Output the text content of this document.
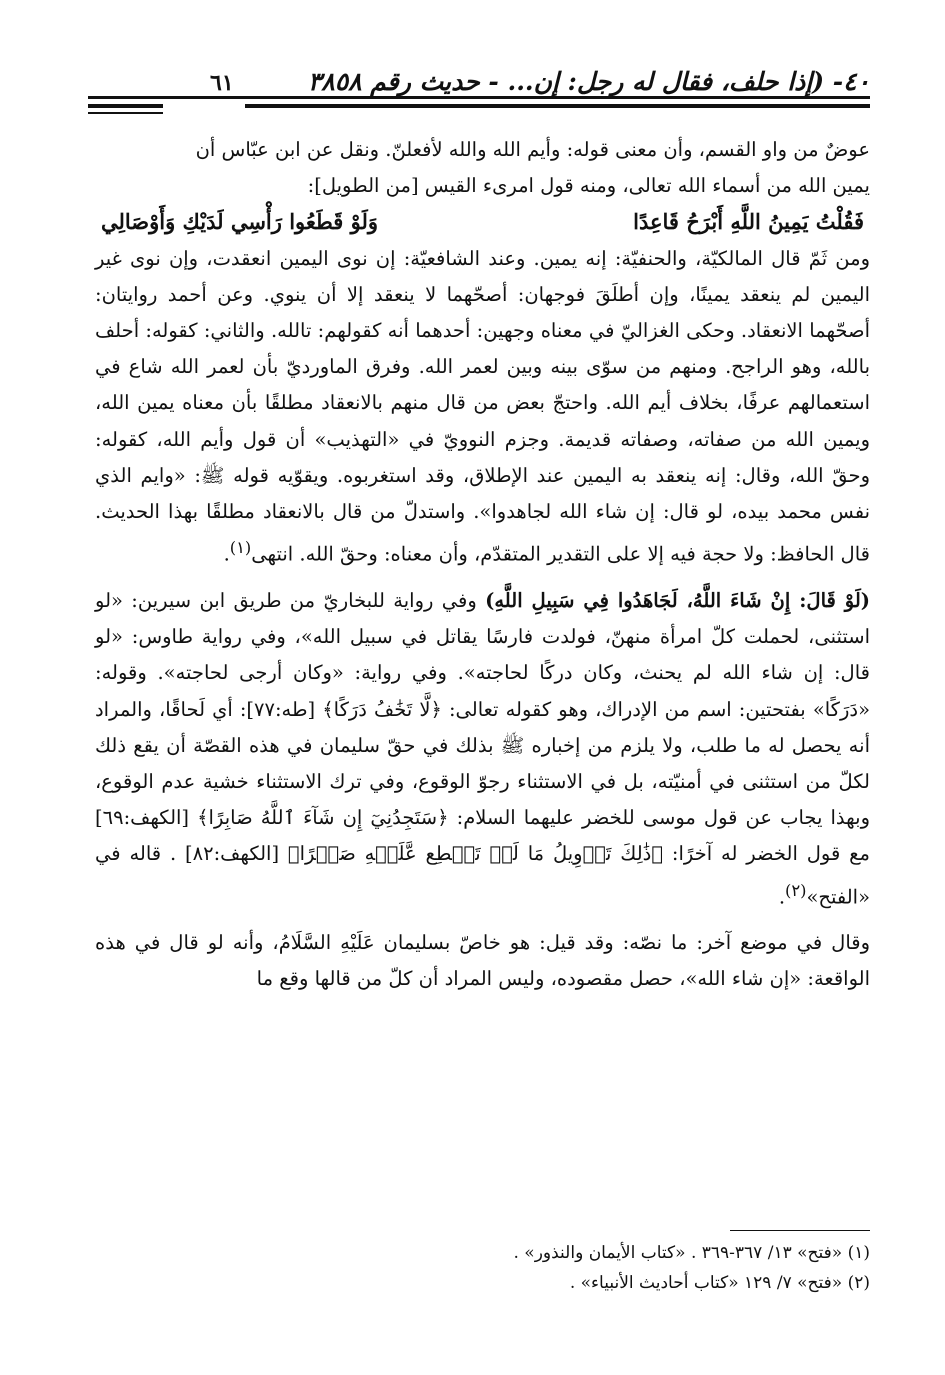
٤٠- (إذا حلف، فقال له رجل: إن... - حديث رقم ٣٨٥٨
٦١

عوضٌ من واو القسم، وأن معنى قوله: وأيم الله والله لأفعلنّ. ونقل عن ابن عبّاس أن

يمين الله من أسماء الله تعالى، ومنه قول امرىء القيس [من الطويل]:

فَقُلْتُ يَمِينُ اللَّهِ أَبْرَحُ قَاعِدًا
وَلَوْ قَطَعُوا رَأْسِي لَدَيْكِ وَأَوْصَالِي

ومن ثَمّ قال المالكيّة، والحنفيّة: إنه يمين. وعند الشافعيّة: إن نوى اليمين انعقدت، وإن نوى غير اليمين لم ينعقد يمينًا، وإن أطلَقَ فوجهان: أصحّهما لا ينعقد إلا أن ينوي. وعن أحمد روايتان: أصحّهما الانعقاد. وحكى الغزاليّ في معناه وجهين: أحدهما أنه كقولهم: تالله. والثاني: كقوله: أحلف بالله، وهو الراجح. ومنهم من سوّى بينه وبين لعمر الله. وفرق الماورديّ بأن لعمر الله شاع في استعمالهم عرفًا، بخلاف أيم الله. واحتجّ بعض من قال منهم بالانعقاد مطلقًا بأن معناه يمين الله، ويمين الله من صفاته، وصفاته قديمة. وجزم النوويّ في «التهذيب» أن قول وأيم الله، كقوله: وحقّ الله، وقال: إنه ينعقد به اليمين عند الإطلاق، وقد استغربوه. ويقوّيه قوله ﷺ: «وايم الذي نفس محمد بيده، لو قال: إن شاء الله لجاهدوا». واستدلّ من قال بالانعقاد مطلقًا بهذا الحديث. قال الحافظ: ولا حجة فيه إلا على التقدير المتقدّم، وأن معناه: وحقّ الله. انتهى$^{(١)}$.

(لَوْ قَالَ: إِنْ شَاءَ اللَّهُ، لَجَاهَدُوا فِي سَبِيلِ اللَّهِ) وفي رواية للبخاريّ من طريق ابن سيرين: «لو استثنى، لحملت كلّ امرأة منهنّ، فولدت فارسًا يقاتل في سبيل الله»، وفي رواية طاوس: «لو قال: إن شاء الله لم يحنث، وكان دركًا لحاجته». وفي رواية: «وكان أرجى لحاجته». وقوله: «دَرَكًا» بفتحتين: اسم من الإدراك، وهو كقوله تعالى: ﴿لَّا تَخَٰفُ دَرَكًا﴾ [طه:٧٧]: أي لَحاقًا، والمراد أنه يحصل له ما طلب، ولا يلزم من إخباره ﷺ بذلك في حقّ سليمان في هذه القصّة أن يقع ذلك لكلّ من استثنى في أمنيّته، بل في الاستثناء رجوّ الوقوع، وفي ترك الاستثناء خشية عدم الوقوع، وبهذا يجاب عن قول موسى للخضر عليهما السلام: ﴿سَتَجِدُنِيٓ إِن شَآءَ ٱللَّهُ صَابِرًا﴾ [الكهف:٦٩] مع قول الخضر له آخرًا: ﴿ذَٰلِكَ تَأۡوِيلُ مَا لَمۡ تَسۡطِع عَّلَيۡهِ صَبۡرًا﴾ [الكهف:٨٢] . قاله في «الفتح»$^{(٢)}$.

وقال في موضع آخر: ما نصّه: وقد قيل: هو خاصّ بسليمان عَلَيْهِ السَّلَامُ، وأنه لو قال في هذه الواقعة: «إن شاء الله»، حصل مقصوده، وليس المراد أن كلّ من قالها وقع ما

(١) «فتح» ١٣/ ٣٦٧-٣٦٩ . «كتاب الأيمان والنذور» .

(٢) «فتح» ٧/ ١٢٩ «كتاب أحاديث الأنبياء» .
